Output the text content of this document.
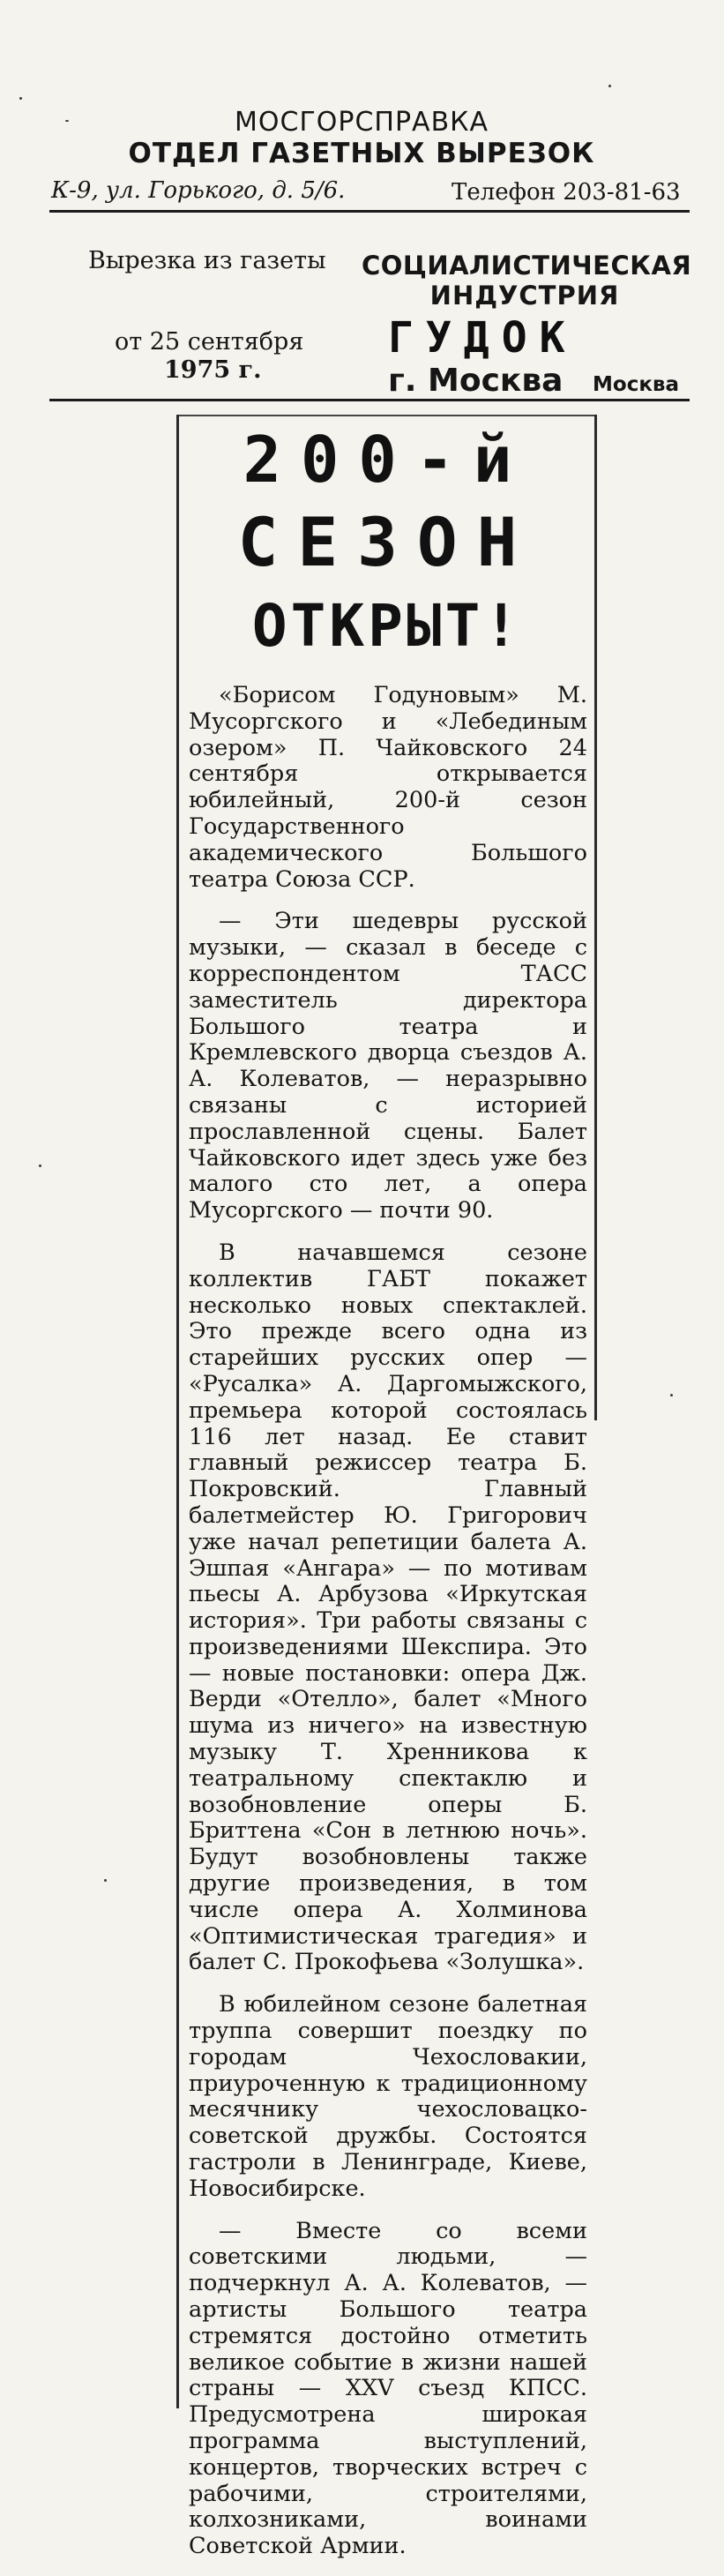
МОСГОРСПРАВКА
ОТДЕЛ ГАЗЕТНЫХ ВЫРЕЗОК
К-9, ул. Горького, д. 5/6.	Телефон 203-81-63
Вырезка из газеты	СОЦИАЛИСТИЧЕСКАЯ
ИНДУСТРИЯ
от 25 сентября
1975 г.
ГУДОК
г. Москва	Москва
200-й
СЕЗОН
ОТКРЫТ!

«Борисом Годуновым» М. Мусоргского и «Лебединым озером» П. Чайковского 24 сентября открывается юбилейный, 200-й сезон Государственного академического Большого театра Союза ССР.

— Эти шедевры русской музыки, — сказал в беседе с корреспондентом ТАСС заместитель директора Большого театра и Кремлевского дворца съездов А. А. Колеватов, — неразрывно связаны с историей прославленной сцены. Балет Чайковского идет здесь уже без малого сто лет, а опера Мусоргского — почти 90.

В начавшемся сезоне коллектив ГАБТ покажет несколько новых спектаклей. Это прежде всего одна из старейших русских опер — «Русалка» А. Даргомыжского, премьера которой состоялась 116 лет назад. Ее ставит главный режиссер театра Б. Покровский. Главный балетмейстер Ю. Григорович уже начал репетиции балета А. Эшпая «Ангара» — по мотивам пьесы А. Арбузова «Иркутская история». Три работы связаны с произведениями Шекспира. Это — новые постановки: опера Дж. Верди «Отелло», балет «Много шума из ничего» на известную музыку Т. Хренникова к театральному спектаклю и возобновление оперы Б. Бриттена «Сон в летнюю ночь». Будут возобновлены также другие произведения, в том числе опера А. Холминова «Оптимистическая трагедия» и балет С. Прокофьева «Золушка».

В юбилейном сезоне балетная труппа совершит поездку по городам Чехословакии, приуроченную к традиционному месячнику чехословацко-советской дружбы. Состоятся гастроли в Ленинграде, Киеве, Новосибирске.

— Вместе со всеми советскими людьми, — подчеркнул А. А. Колеватов, — артисты Большого театра стремятся достойно отметить великое событие в жизни нашей страны — XXV съезд КПСС. Предусмотрена широкая программа выступлений, концертов, творческих встреч с рабочими, строителями, колхозниками, воинами Советской Армии.
